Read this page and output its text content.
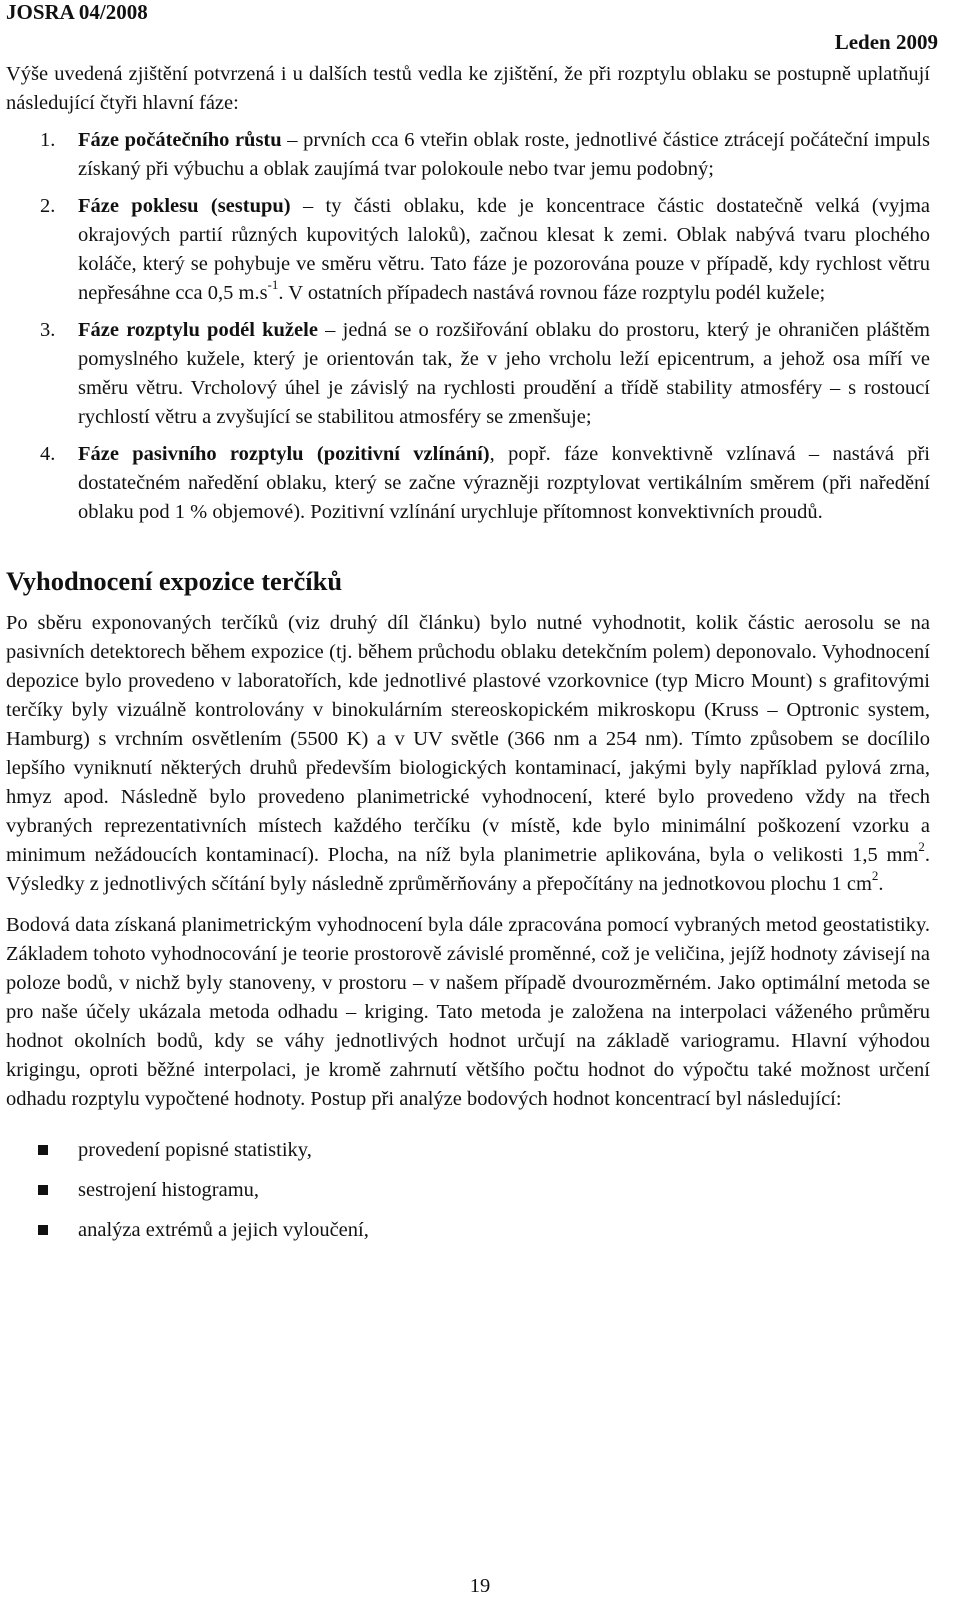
JOSRA 04/2008
Leden 2009

Výše uvedená zjištění potvrzená i u dalších testů vedla ke zjištění, že při rozptylu oblaku se postupně uplatňují následující čtyři hlavní fáze:

1. Fáze počátečního růstu – prvních cca 6 vteřin oblak roste, jednotlivé částice ztrácejí počáteční impuls získaný při výbuchu a oblak zaujímá tvar polokoule nebo tvar jemu podobný;

2. Fáze poklesu (sestupu) – ty části oblaku, kde je koncentrace částic dostatečně velká (vyjma okrajových partií různých kupovitých laloků), začnou klesat k zemi. Oblak nabývá tvaru plochého koláče, který se pohybuje ve směru větru. Tato fáze je pozorována pouze v případě, kdy rychlost větru nepřesáhne cca 0,5 $m.s^{-1}$. V ostatních případech nastává rovnou fáze rozptylu podél kužele;

3. Fáze rozptylu podél kužele – jedná se o rozšiřování oblaku do prostoru, který je ohraničen pláštěm pomyslného kužele, který je orientován tak, že v jeho vrcholu leží epicentrum, a jehož osa míří ve směru větru. Vrcholový úhel je závislý na rychlosti proudění a třídě stability atmosféry – s rostoucí rychlostí větru a zvyšující se stabilitou atmosféry se zmenšuje;

4. Fáze pasivního rozptylu (pozitivní vzlínání), popř. fáze konvektivně vzlínavá – nastává při dostatečném naředění oblaku, který se začne výrazněji rozptylovat vertikálním směrem (při naředění oblaku pod 1 % objemové). Pozitivní vzlínání urychluje přítomnost konvektivních proudů.

Vyhodnocení expozice terčíků

Po sběru exponovaných terčíků (viz druhý díl článku) bylo nutné vyhodnotit, kolik částic aerosolu se na pasivních detektorech během expozice (tj. během průchodu oblaku detekčním polem) deponovalo. Vyhodnocení depozice bylo provedeno v laboratořích, kde jednotlivé plastové vzorkovnice (typ Micro Mount) s grafitovými terčíky byly vizuálně kontrolovány v binokulárním stereoskopickém mikroskopu (Kruss – Optronic system, Hamburg) s vrchním osvětlením (5500 K) a v UV světle (366 nm a 254 nm). Tímto způsobem se docílilo lepšího vyniknutí některých druhů především biologických kontaminací, jakými byly například pylová zrna, hmyz apod. Následně bylo provedeno planimetrické vyhodnocení, které bylo provedeno vždy na třech vybraných reprezentativních místech každého terčíku (v místě, kde bylo minimální poškození vzorku a minimum nežádoucích kontaminací). Plocha, na níž byla planimetrie aplikována, byla o velikosti 1,5 $mm^2$. Výsledky z jednotlivých sčítání byly následně zprůměrňovány a přepočítány na jednotkovou plochu 1 $cm^2$.

Bodová data získaná planimetrickým vyhodnocení byla dále zpracována pomocí vybraných metod geostatistiky. Základem tohoto vyhodnocování je teorie prostorově závislé proměnné, což je veličina, jejíž hodnoty závisejí na poloze bodů, v nichž byly stanoveny, v prostoru – v našem případě dvourozměrném. Jako optimální metoda se pro naše účely ukázala metoda odhadu – kriging. Tato metoda je založena na interpolaci váženého průměru hodnot okolních bodů, kdy se váhy jednotlivých hodnot určují na základě variogramu. Hlavní výhodou krigingu, oproti běžné interpolaci, je kromě zahrnutí většího počtu hodnot do výpočtu také možnost určení odhadu rozptylu vypočtené hodnoty. Postup při analýze bodových hodnot koncentrací byl následující:

provedení popisné statistiky,
sestrojení histogramu,
analýza extrémů a jejich vyloučení,
19
